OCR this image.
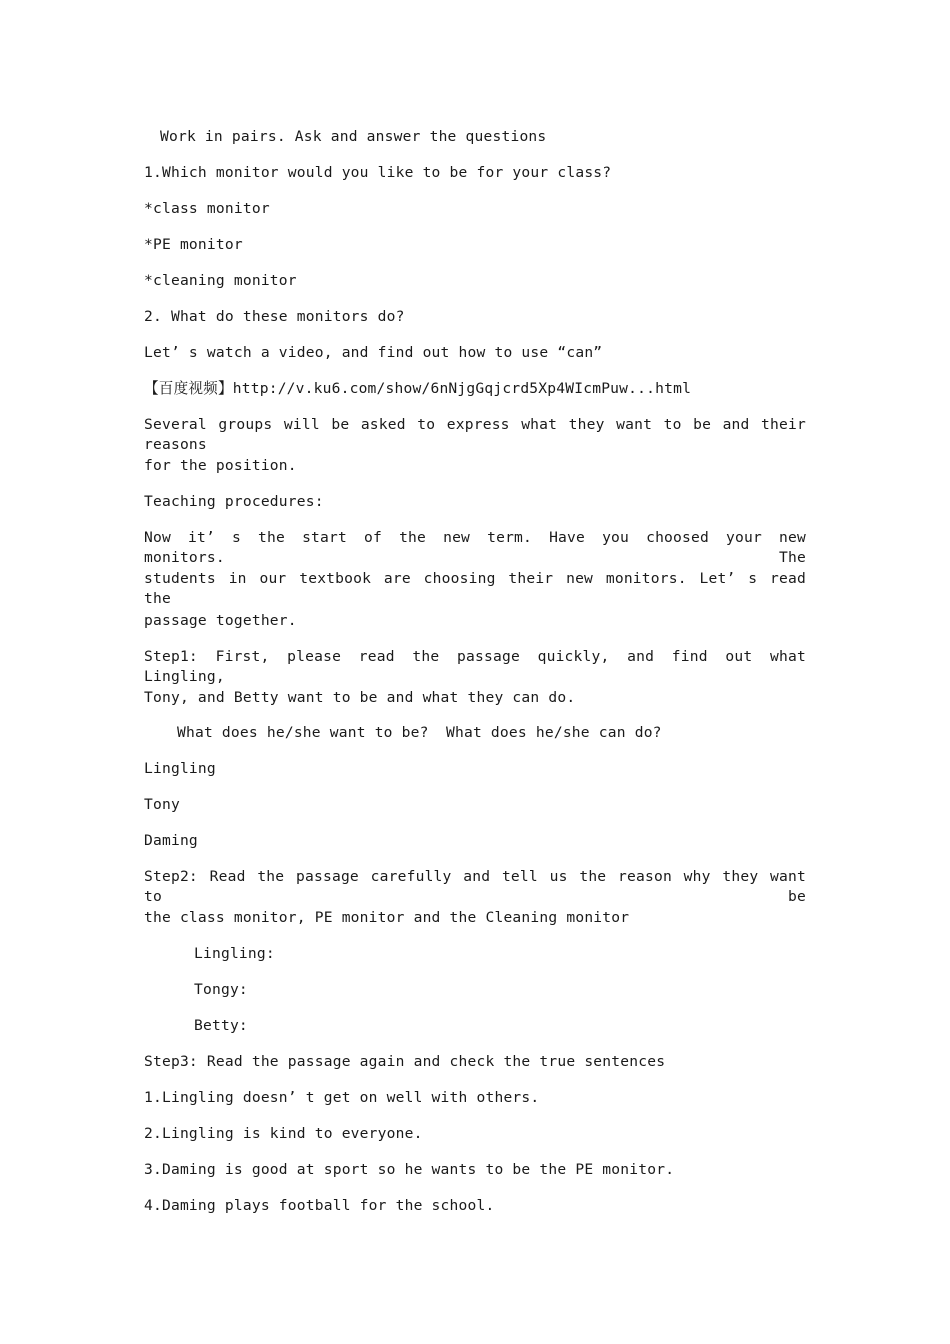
Work in pairs. Ask and answer the questions
1.Which monitor would you like to be for your class?
*class monitor
*PE monitor
*cleaning monitor
2. What do these monitors do?
Let’ s watch a video, and find out how to use “can”
【百度视频】http://v.ku6.com/show/6nNjgGqjcrd5Xp4WIcmPuw...html
Several groups will be asked to express what they want to be and their reasons
for the position.
Teaching procedures:
Now it’ s the start of the new term. Have you choosed your new monitors. The
students in our textbook are choosing their new monitors. Let’ s read the
passage together.
Step1: First, please read the passage quickly, and find out what Lingling,
Tony, and Betty want to be and what they can do.
What does he/she want to be? What does he/she can do?
Lingling
Tony
Daming
Step2: Read the passage carefully and tell us the reason why they want to be
the class monitor, PE monitor and the Cleaning monitor
Lingling:
Tongy:
Betty:
Step3: Read the passage again and check the true sentences
1.Lingling doesn’ t get on well with others.
2.Lingling is kind to everyone.
3.Daming is good at sport so he wants to be the PE monitor.
4.Daming plays football for the school.
